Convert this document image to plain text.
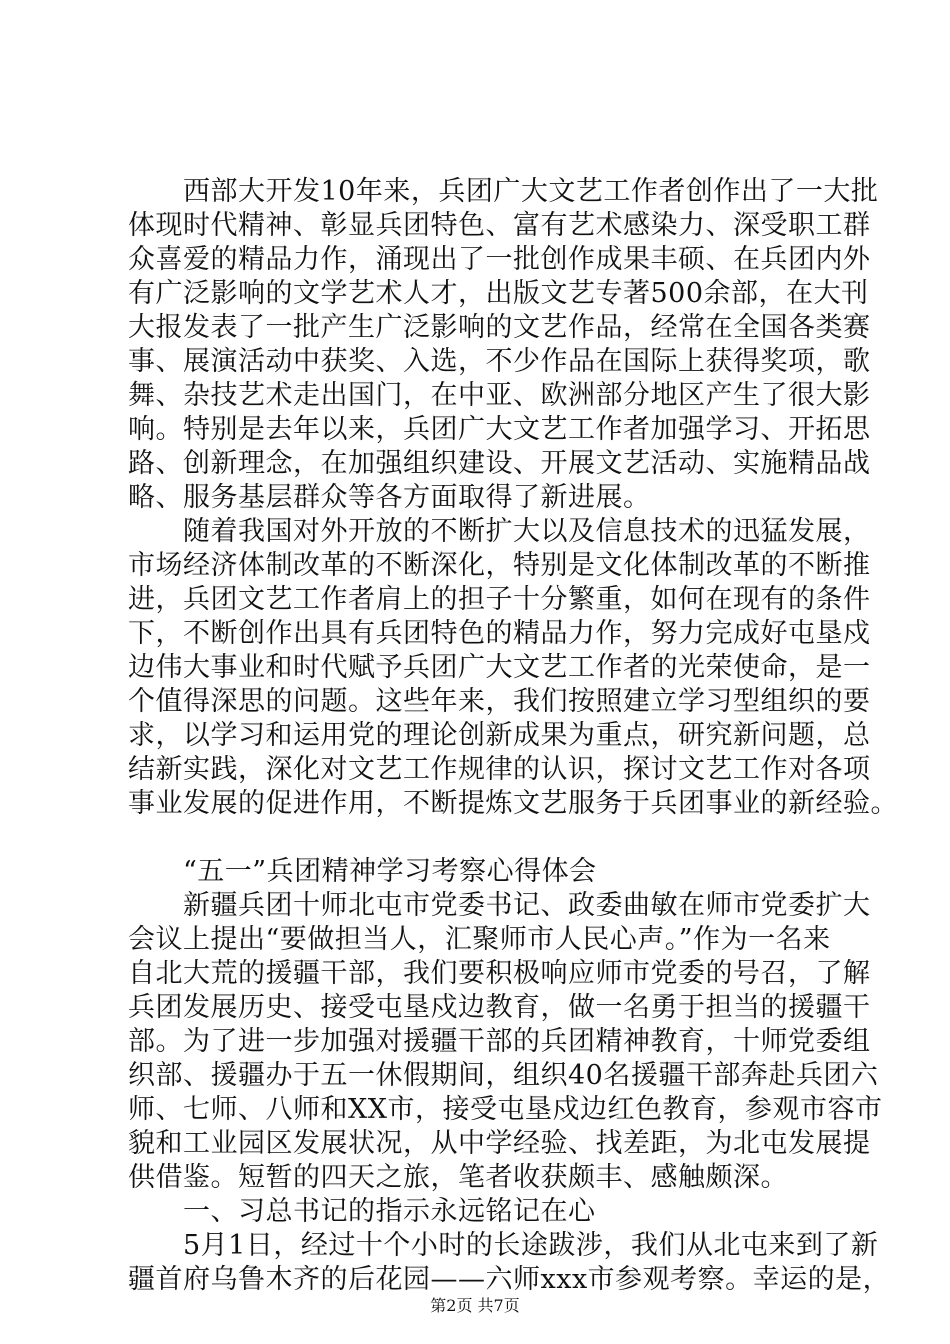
西部大开发10年来，兵团广大文艺工作者创作出了一大批
体现时代精神、彰显兵团特色、富有艺术感染力、深受职工群
众喜爱的精品力作，涌现出了一批创作成果丰硕、在兵团内外
有广泛影响的文学艺术人才，出版文艺专著500余部，在大刊
大报发表了一批产生广泛影响的文艺作品，经常在全国各类赛
事、展演活动中获奖、入选，不少作品在国际上获得奖项，歌
舞、杂技艺术走出国门，在中亚、欧洲部分地区产生了很大影
响。特别是去年以来，兵团广大文艺工作者加强学习、开拓思
路、创新理念，在加强组织建设、开展文艺活动、实施精品战
略、服务基层群众等各方面取得了新进展。
随着我国对外开放的不断扩大以及信息技术的迅猛发展，
市场经济体制改革的不断深化，特别是文化体制改革的不断推
进，兵团文艺工作者肩上的担子十分繁重，如何在现有的条件
下，不断创作出具有兵团特色的精品力作，努力完成好屯垦戍
边伟大事业和时代赋予兵团广大文艺工作者的光荣使命，是一
个值得深思的问题。这些年来，我们按照建立学习型组织的要
求，以学习和运用党的理论创新成果为重点，研究新问题，总
结新实践，深化对文艺工作规律的认识，探讨文艺工作对各项
事业发展的促进作用，不断提炼文艺服务于兵团事业的新经验。
“五一”兵团精神学习考察心得体会
新疆兵团十师北屯市党委书记、政委曲敏在师市党委扩大
会议上提出“要做担当人，汇聚师市人民心声。”作为一名来
自北大荒的援疆干部，我们要积极响应师市党委的号召，了解
兵团发展历史、接受屯垦戍边教育，做一名勇于担当的援疆干
部。为了进一步加强对援疆干部的兵团精神教育，十师党委组
织部、援疆办于五一休假期间，组织40名援疆干部奔赴兵团六
师、七师、八师和XX市，接受屯垦戍边红色教育，参观市容市
貌和工业园区发展状况，从中学经验、找差距，为北屯发展提
供借鉴。短暂的四天之旅，笔者收获颇丰、感触颇深。
一、习总书记的指示永远铭记在心
5月1日，经过十个小时的长途跋涉，我们从北屯来到了新
疆首府乌鲁木齐的后花园——六师xxx市参观考察。幸运的是，
第2页 共7页
